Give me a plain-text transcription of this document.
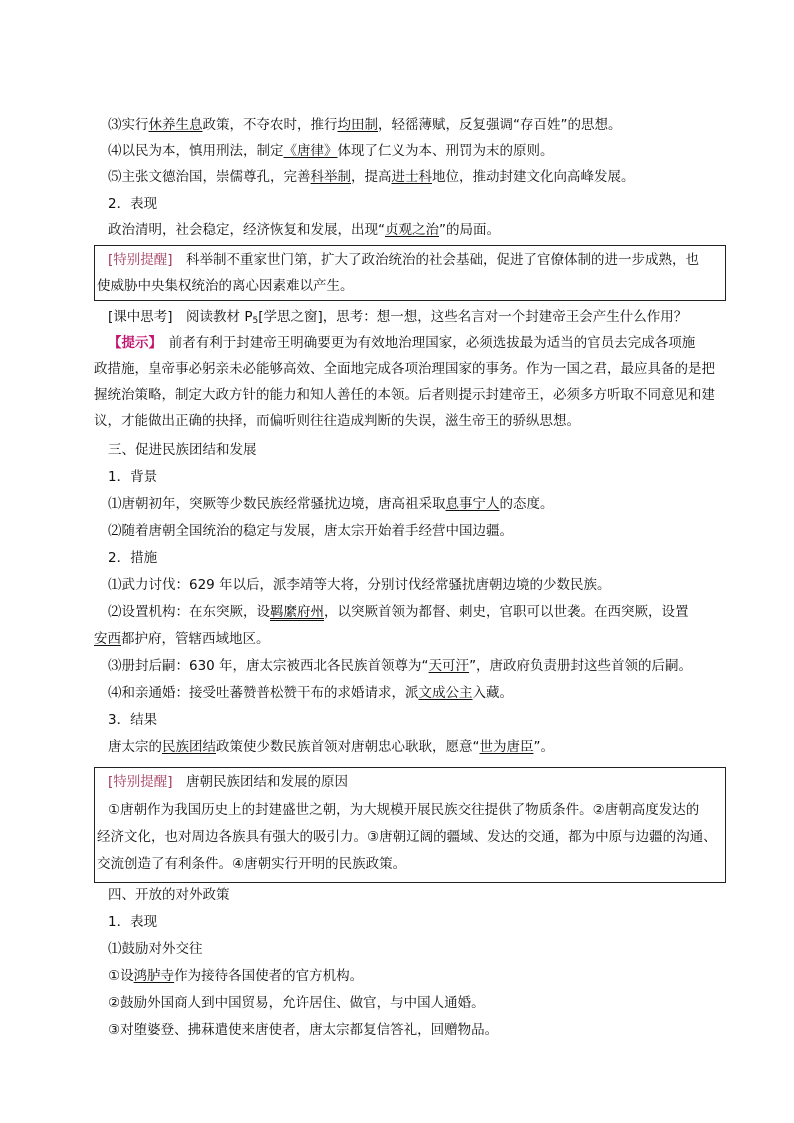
⑶实行休养生息政策，不夺农时，推行均田制，轻徭薄赋，反复强调“存百姓”的思想。
⑷以民为本，慎用刑法，制定《唐律》体现了仁义为本、刑罚为末的原则。
⑸主张文德治国，崇儒尊孔，完善科举制，提高进士科地位，推动封建文化向高峰发展。
2．表现
政治清明，社会稳定，经济恢复和发展，出现“贞观之治”的局面。
[特别提醒]　科举制不重家世门第，扩大了政治统治的社会基础，促进了官僚体制的进一步成熟，也
使威胁中央集权统治的离心因素难以产生。
[课中思考]　阅读教材 $P_5$[学思之窗]，思考：想一想，这些名言对一个封建帝王会产生什么作用？
【提示】　前者有利于封建帝王明确要更为有效地治理国家，必须选拔最为适当的官员去完成各项施
政措施，皇帝事必躬亲未必能够高效、全面地完成各项治理国家的事务。作为一国之君，最应具备的是把
握统治策略，制定大政方针的能力和知人善任的本领。后者则提示封建帝王，必须多方听取不同意见和建
议，才能做出正确的抉择，而偏听则往往造成判断的失误，滋生帝王的骄纵思想。
三、促进民族团结和发展
1．背景
⑴唐朝初年，突厥等少数民族经常骚扰边境，唐高祖采取息事宁人的态度。
⑵随着唐朝全国统治的稳定与发展，唐太宗开始着手经营中国边疆。
2．措施
⑴武力讨伐：629 年以后，派李靖等大将，分别讨伐经常骚扰唐朝边境的少数民族。
⑵设置机构：在东突厥，设羁縻府州，以突厥首领为都督、刺史，官职可以世袭。在西突厥，设置
安西都护府，管辖西域地区。
⑶册封后嗣：630 年，唐太宗被西北各民族首领尊为“天可汗”，唐政府负责册封这些首领的后嗣。
⑷和亲通婚：接受吐蕃赞普松赞干布的求婚请求，派文成公主入藏。
3．结果
唐太宗的民族团结政策使少数民族首领对唐朝忠心耿耿，愿意“世为唐臣”。
[特别提醒]　唐朝民族团结和发展的原因
①唐朝作为我国历史上的封建盛世之朝，为大规模开展民族交往提供了物质条件。②唐朝高度发达的
经济文化，也对周边各族具有强大的吸引力。③唐朝辽阔的疆域、发达的交通，都为中原与边疆的沟通、
交流创造了有利条件。④唐朝实行开明的民族政策。
四、开放的对外政策
1．表现
⑴鼓励对外交往
①设鸿胪寺作为接待各国使者的官方机构。
②鼓励外国商人到中国贸易，允许居住、做官，与中国人通婚。
③对堕婆登、拂菻遣使来唐使者，唐太宗都复信答礼，回赠物品。
